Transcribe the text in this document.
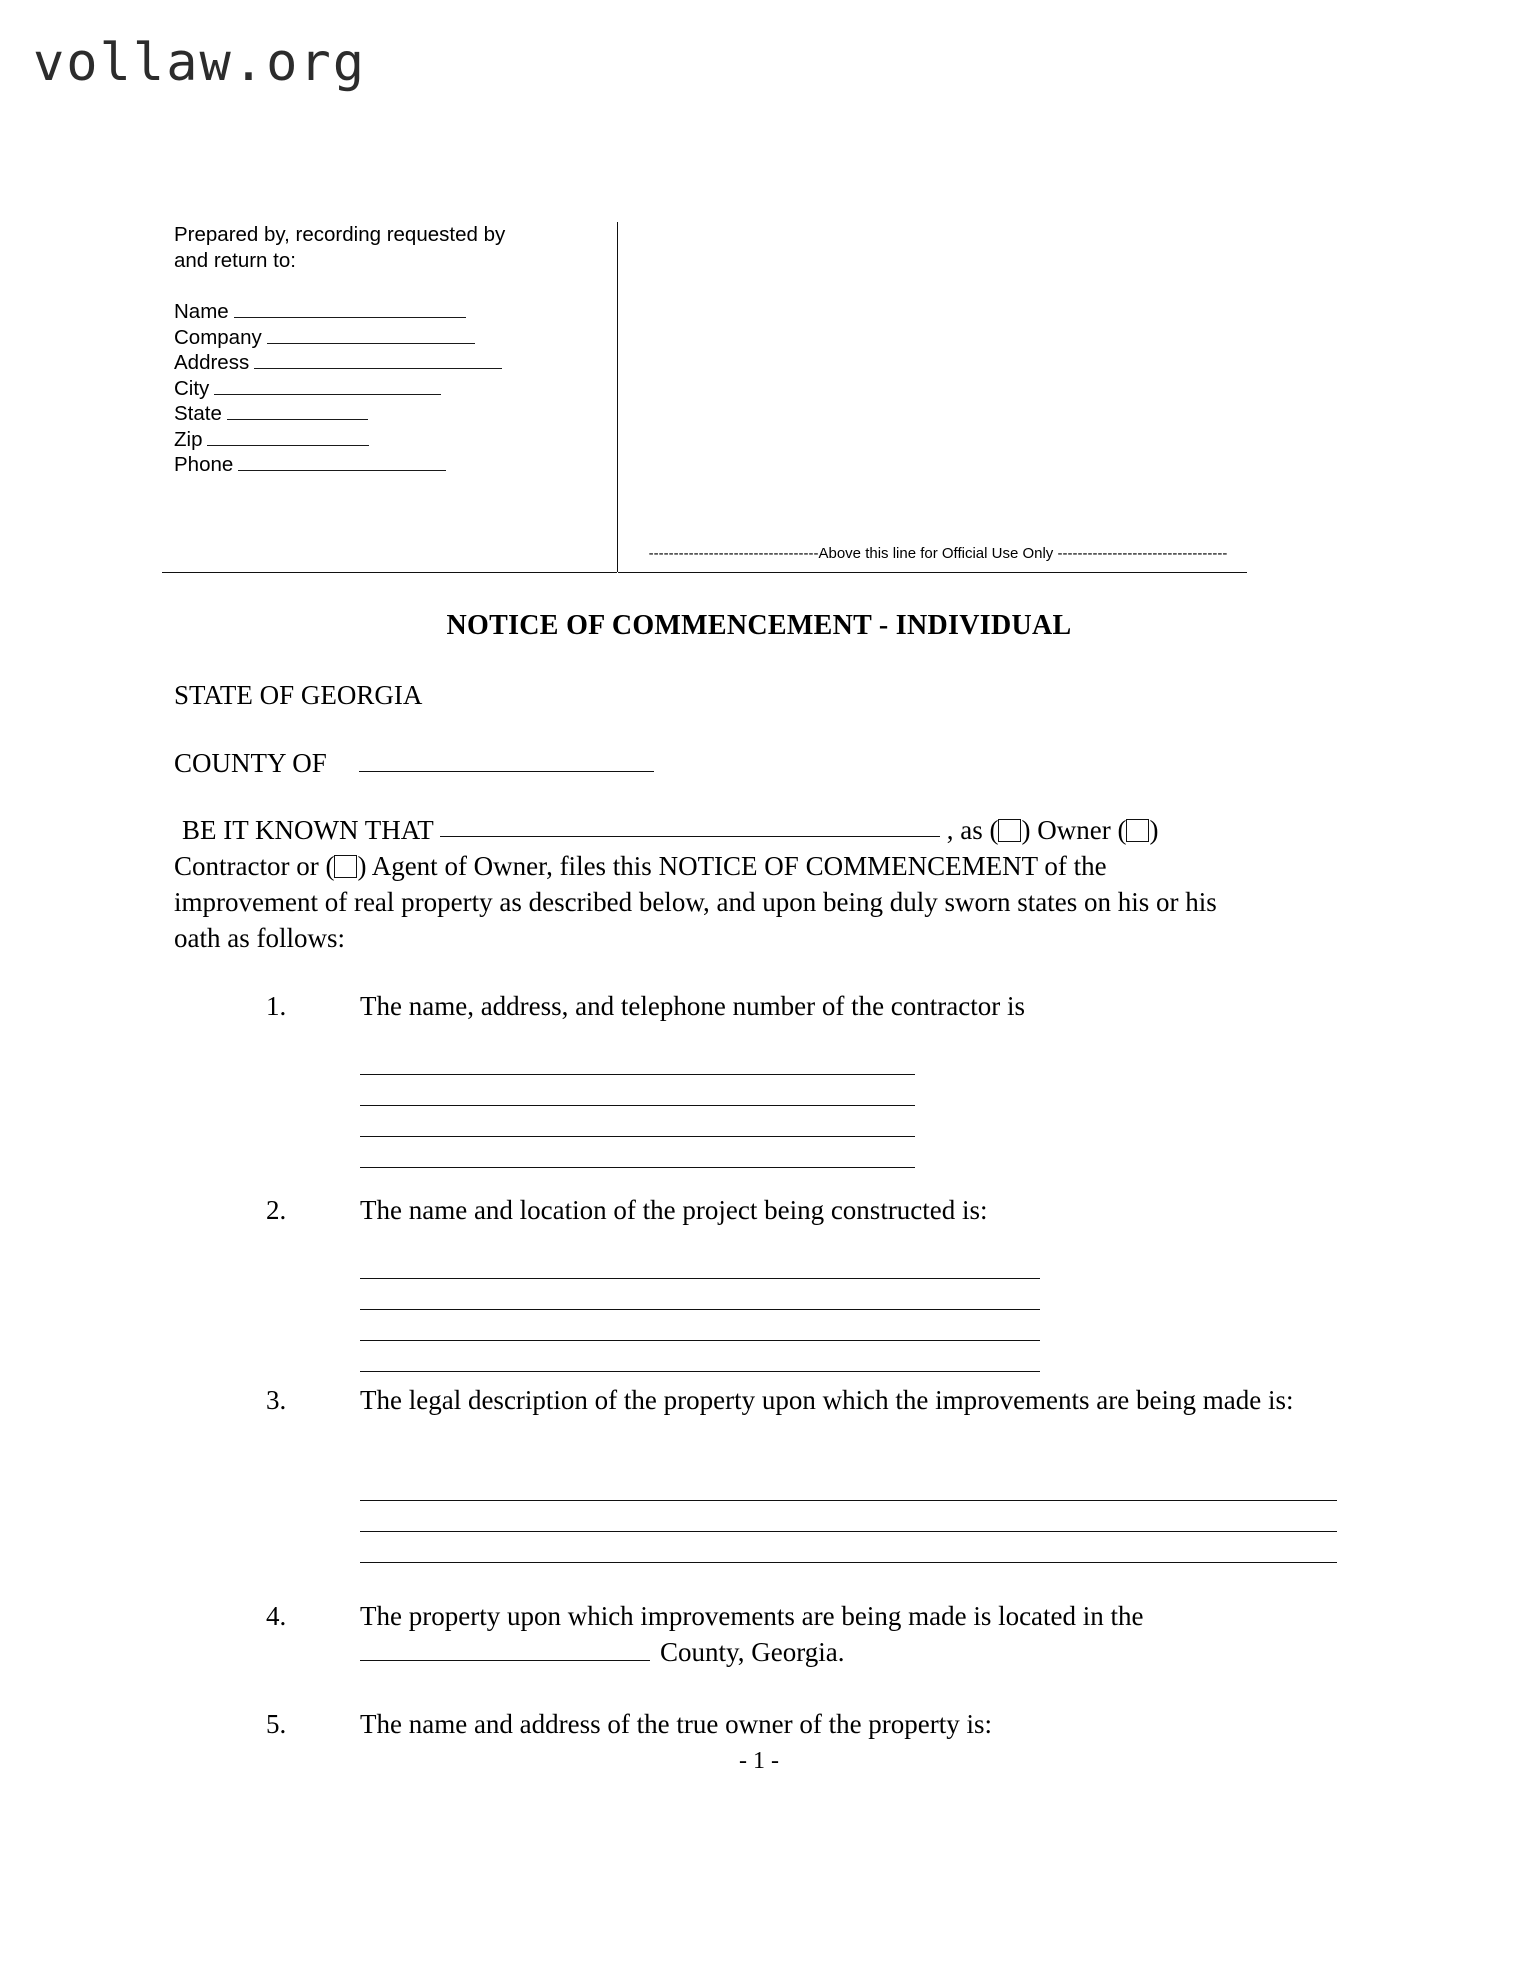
vollaw.org
Prepared by, recording requested by
and return to:
Name
Company
Address
City
State
Zip
Phone
----------------------------------Above this line for Official Use Only ----------------------------------
NOTICE OF COMMENCEMENT - INDIVIDUAL
STATE OF GEORGIA
COUNTY OF
BE IT KNOWN THAT	, as ( ) Owner ( )
Contractor or ( ) Agent of Owner, files this NOTICE OF COMMENCEMENT of the
improvement of real property as described below, and upon being duly sworn states on his or his
oath as follows:
1.	The name, address, and telephone number of the contractor is
2.	The name and location of the project being constructed is:
3.	The legal description of the property upon which the improvements are being made is:
4.	The property upon which improvements are being made is located in the
County, Georgia.
5.	The name and address of the true owner of the property is:
- 1 -
